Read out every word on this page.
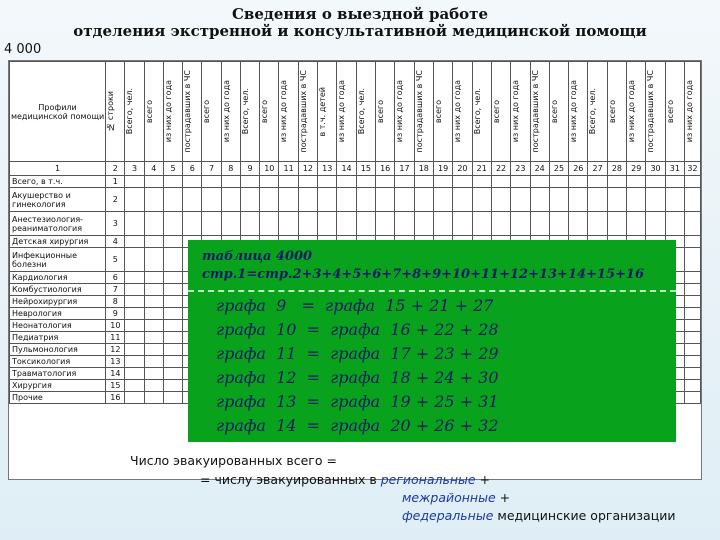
Сведения о выездной работе
отделения экстренной и консультативной медицинской помощи
4 000
Профили медицинской помощи	№ строки	Всего, чел.	всего	из них до года	пострадавших в ЧС	всего	из них до года	Всего, чел.	всего	из них до года	пострадавших в ЧС	в т.ч. детей	из них до года	Всего, чел.	всего	из них до года	пострадавших в ЧС	всего	из них до года	Всего, чел.	всего	из них до года	пострадавших в ЧС	всего	из них до года	Всего, чел.	всего	из них до года	пострадавших в ЧС	всего	из них до года

1	2	3	4	5	6	7	8	9	10	11	12	13	14	15	16	17	18	19	20	21	22	23	24	25	26	27	28	29	30	31	32
Всего, в т.ч.	1																														
Акушерство и гинекология	2																														
Анестезиология-реаниматология	3																														
Детская хирургия	4																														
Инфекционные болезни	5																														
Кардиология	6																														
Комбустиология	7																														
Нейрохирургия	8																														
Неврология	9																														
Неонатология	10																														
Педиатрия	11																														
Пульмонология	12																														
Токсикология	13																														
Травматология	14																														
Хирургия	15																														
Прочие	16																														
таблица 4000
стр.1=стр.2+3+4+5+6+7+8+9+10+11+12+13+14+15+16
графа  9   =  графа  15 + 21 + 27
графа  10  =  графа  16 + 22 + 28
графа  11  =  графа  17 + 23 + 29
графа  12  =  графа  18 + 24 + 30
графа  13  =  графа  19 + 25 + 31
графа  14  =  графа  20 + 26 + 32
Число эвакуированных всего =
= числу эвакуированных в региональные +
межрайонные +
федеральные медицинские организации
